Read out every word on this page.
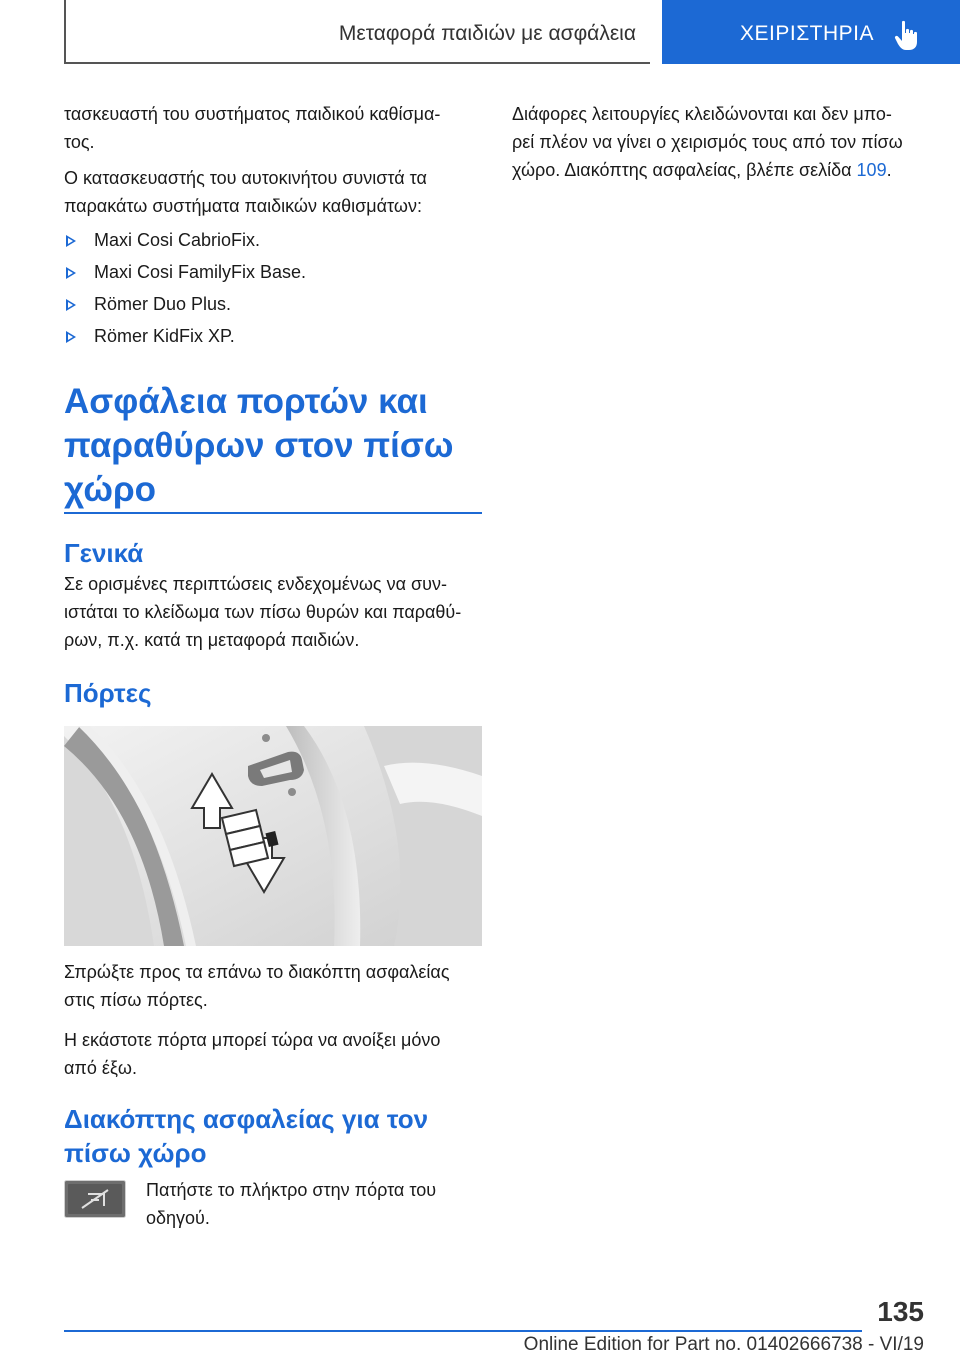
Μεταφορά παιδιών με ασφάλεια	ΧΕΙΡΙΣΤΗΡΙΑ

τασκευαστή του συστήματος παιδικού καθίσμα-
τος.

Ο κατασκευαστής του αυτοκινήτου συνιστά τα
παρακάτω συστήματα παιδικών καθισμάτων:

Maxi Cosi CabrioFix.
Maxi Cosi FamilyFix Base.
Römer Duo Plus.
Römer KidFix XP.
Ασφάλεια πορτών και
παραθύρων στον πίσω
χώρο
Γενικά

Σε ορισμένες περιπτώσεις ενδεχομένως να συν-
ιστάται το κλείδωμα των πίσω θυρών και παραθύ-
ρων, π.χ. κατά τη μεταφορά παιδιών.

Πόρτες

Σπρώξτε προς τα επάνω το διακόπτη ασφαλείας
στις πίσω πόρτες.

Η εκάστοτε πόρτα μπορεί τώρα να ανοίξει μόνο
από έξω.

Διακόπτης ασφαλείας για τον
πίσω χώρο

Πατήστε το πλήκτρο στην πόρτα του
οδηγού.

Διάφορες λειτουργίες κλειδώνονται και δεν μπο-
ρεί πλέον να γίνει ο χειρισμός τους από τον πίσω
χώρο. Διακόπτης ασφαλείας, βλέπε σελίδα 109.

135
Online Edition for Part no. 01402666738 - VI/19
